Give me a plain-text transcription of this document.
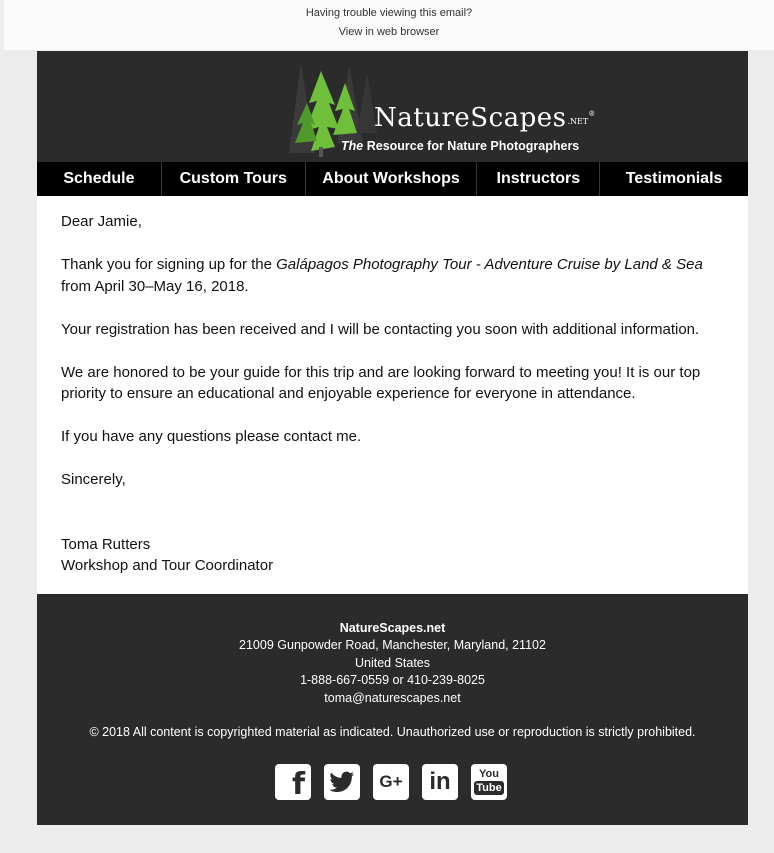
Having trouble viewing this email?
View in web browser
NatureScapes.NET®
The Resource for Nature Photographers
Schedule	Custom Tours	About Workshops	Instructors	Testimonials

Dear Jamie,

Thank you for signing up for the Galápagos Photography Tour - Adventure Cruise by Land & Sea from April 30–May 16, 2018.

Your registration has been received and I will be contacting you soon with additional information.

We are honored to be your guide for this trip and are looking forward to meeting you! It is our top priority to ensure an educational and enjoyable experience for everyone in attendance.

If you have any questions please contact me.

Sincerely,

Toma Rutters
Workshop and Tour Coordinator

NatureScapes.net
21009 Gunpowder Road, Manchester, Maryland, 21102
United States
1-888-667-0559 or 410-239-8025
toma@naturescapes.net
© 2018 All content is copyrighted material as indicated. Unauthorized use or reproduction is strictly prohibited.
f	G+ in	You
Tube
